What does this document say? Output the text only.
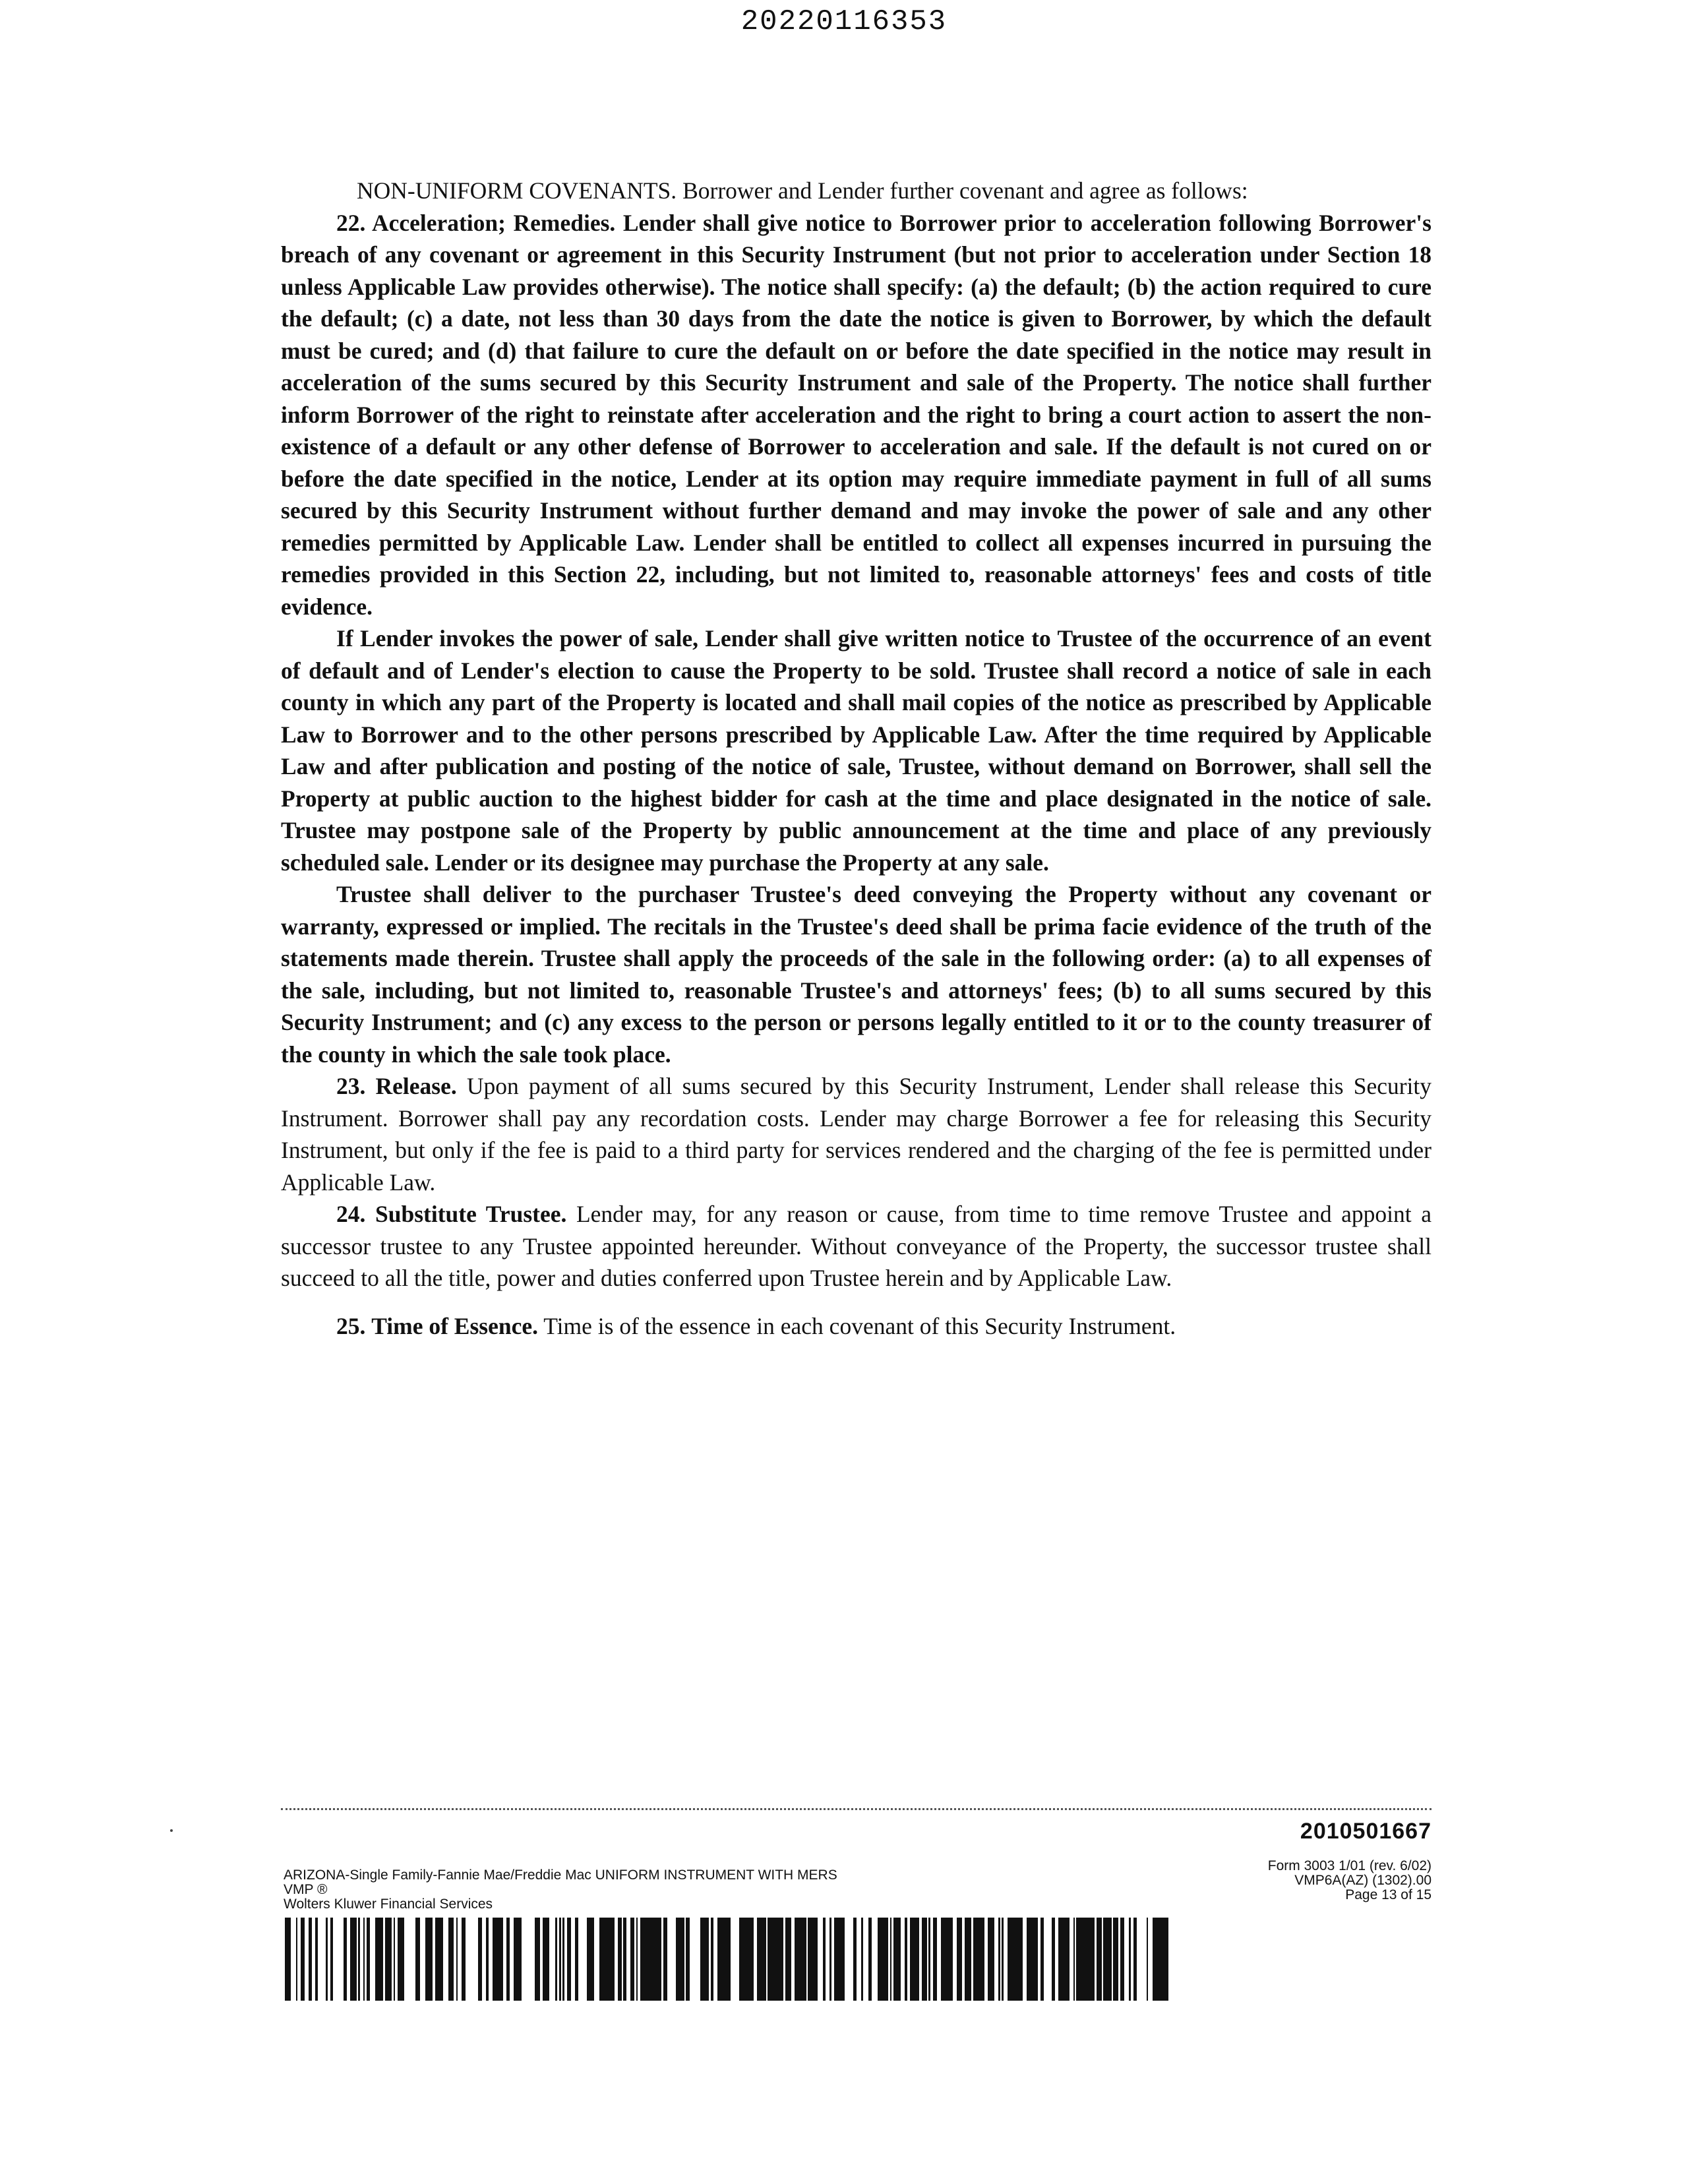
20220116353

NON-UNIFORM COVENANTS. Borrower and Lender further covenant and agree as follows:

22. Acceleration; Remedies. Lender shall give notice to Borrower prior to acceleration following Borrower's breach of any covenant or agreement in this Security Instrument (but not prior to acceleration under Section 18 unless Applicable Law provides otherwise). The notice shall specify: (a) the default; (b) the action required to cure the default; (c) a date, not less than 30 days from the date the notice is given to Borrower, by which the default must be cured; and (d) that failure to cure the default on or before the date specified in the notice may result in acceleration of the sums secured by this Security Instrument and sale of the Property. The notice shall further inform Borrower of the right to reinstate after acceleration and the right to bring a court action to assert the non-existence of a default or any other defense of Borrower to acceleration and sale. If the default is not cured on or before the date specified in the notice, Lender at its option may require immediate payment in full of all sums secured by this Security Instrument without further demand and may invoke the power of sale and any other remedies permitted by Applicable Law. Lender shall be entitled to collect all expenses incurred in pursuing the remedies provided in this Section 22, including, but not limited to, reasonable attorneys' fees and costs of title evidence.

If Lender invokes the power of sale, Lender shall give written notice to Trustee of the occurrence of an event of default and of Lender's election to cause the Property to be sold. Trustee shall record a notice of sale in each county in which any part of the Property is located and shall mail copies of the notice as prescribed by Applicable Law to Borrower and to the other persons prescribed by Applicable Law. After the time required by Applicable Law and after publication and posting of the notice of sale, Trustee, without demand on Borrower, shall sell the Property at public auction to the highest bidder for cash at the time and place designated in the notice of sale. Trustee may postpone sale of the Property by public announcement at the time and place of any previously scheduled sale. Lender or its designee may purchase the Property at any sale.

Trustee shall deliver to the purchaser Trustee's deed conveying the Property without any covenant or warranty, expressed or implied. The recitals in the Trustee's deed shall be prima facie evidence of the truth of the statements made therein. Trustee shall apply the proceeds of the sale in the following order: (a) to all expenses of the sale, including, but not limited to, reasonable Trustee's and attorneys' fees; (b) to all sums secured by this Security Instrument; and (c) any excess to the person or persons legally entitled to it or to the county treasurer of the county in which the sale took place.

23. Release. Upon payment of all sums secured by this Security Instrument, Lender shall release this Security Instrument. Borrower shall pay any recordation costs. Lender may charge Borrower a fee for releasing this Security Instrument, but only if the fee is paid to a third party for services rendered and the charging of the fee is permitted under Applicable Law.

24. Substitute Trustee. Lender may, for any reason or cause, from time to time remove Trustee and appoint a successor trustee to any Trustee appointed hereunder. Without conveyance of the Property, the successor trustee shall succeed to all the title, power and duties conferred upon Trustee herein and by Applicable Law.

25. Time of Essence. Time is of the essence in each covenant of this Security Instrument.

2010501667
ARIZONA-Single Family-Fannie Mae/Freddie Mac UNIFORM INSTRUMENT WITH MERS
VMP ®
Wolters Kluwer Financial Services
Form 3003 1/01 (rev. 6/02)
VMP6A(AZ) (1302).00
Page 13 of 15
